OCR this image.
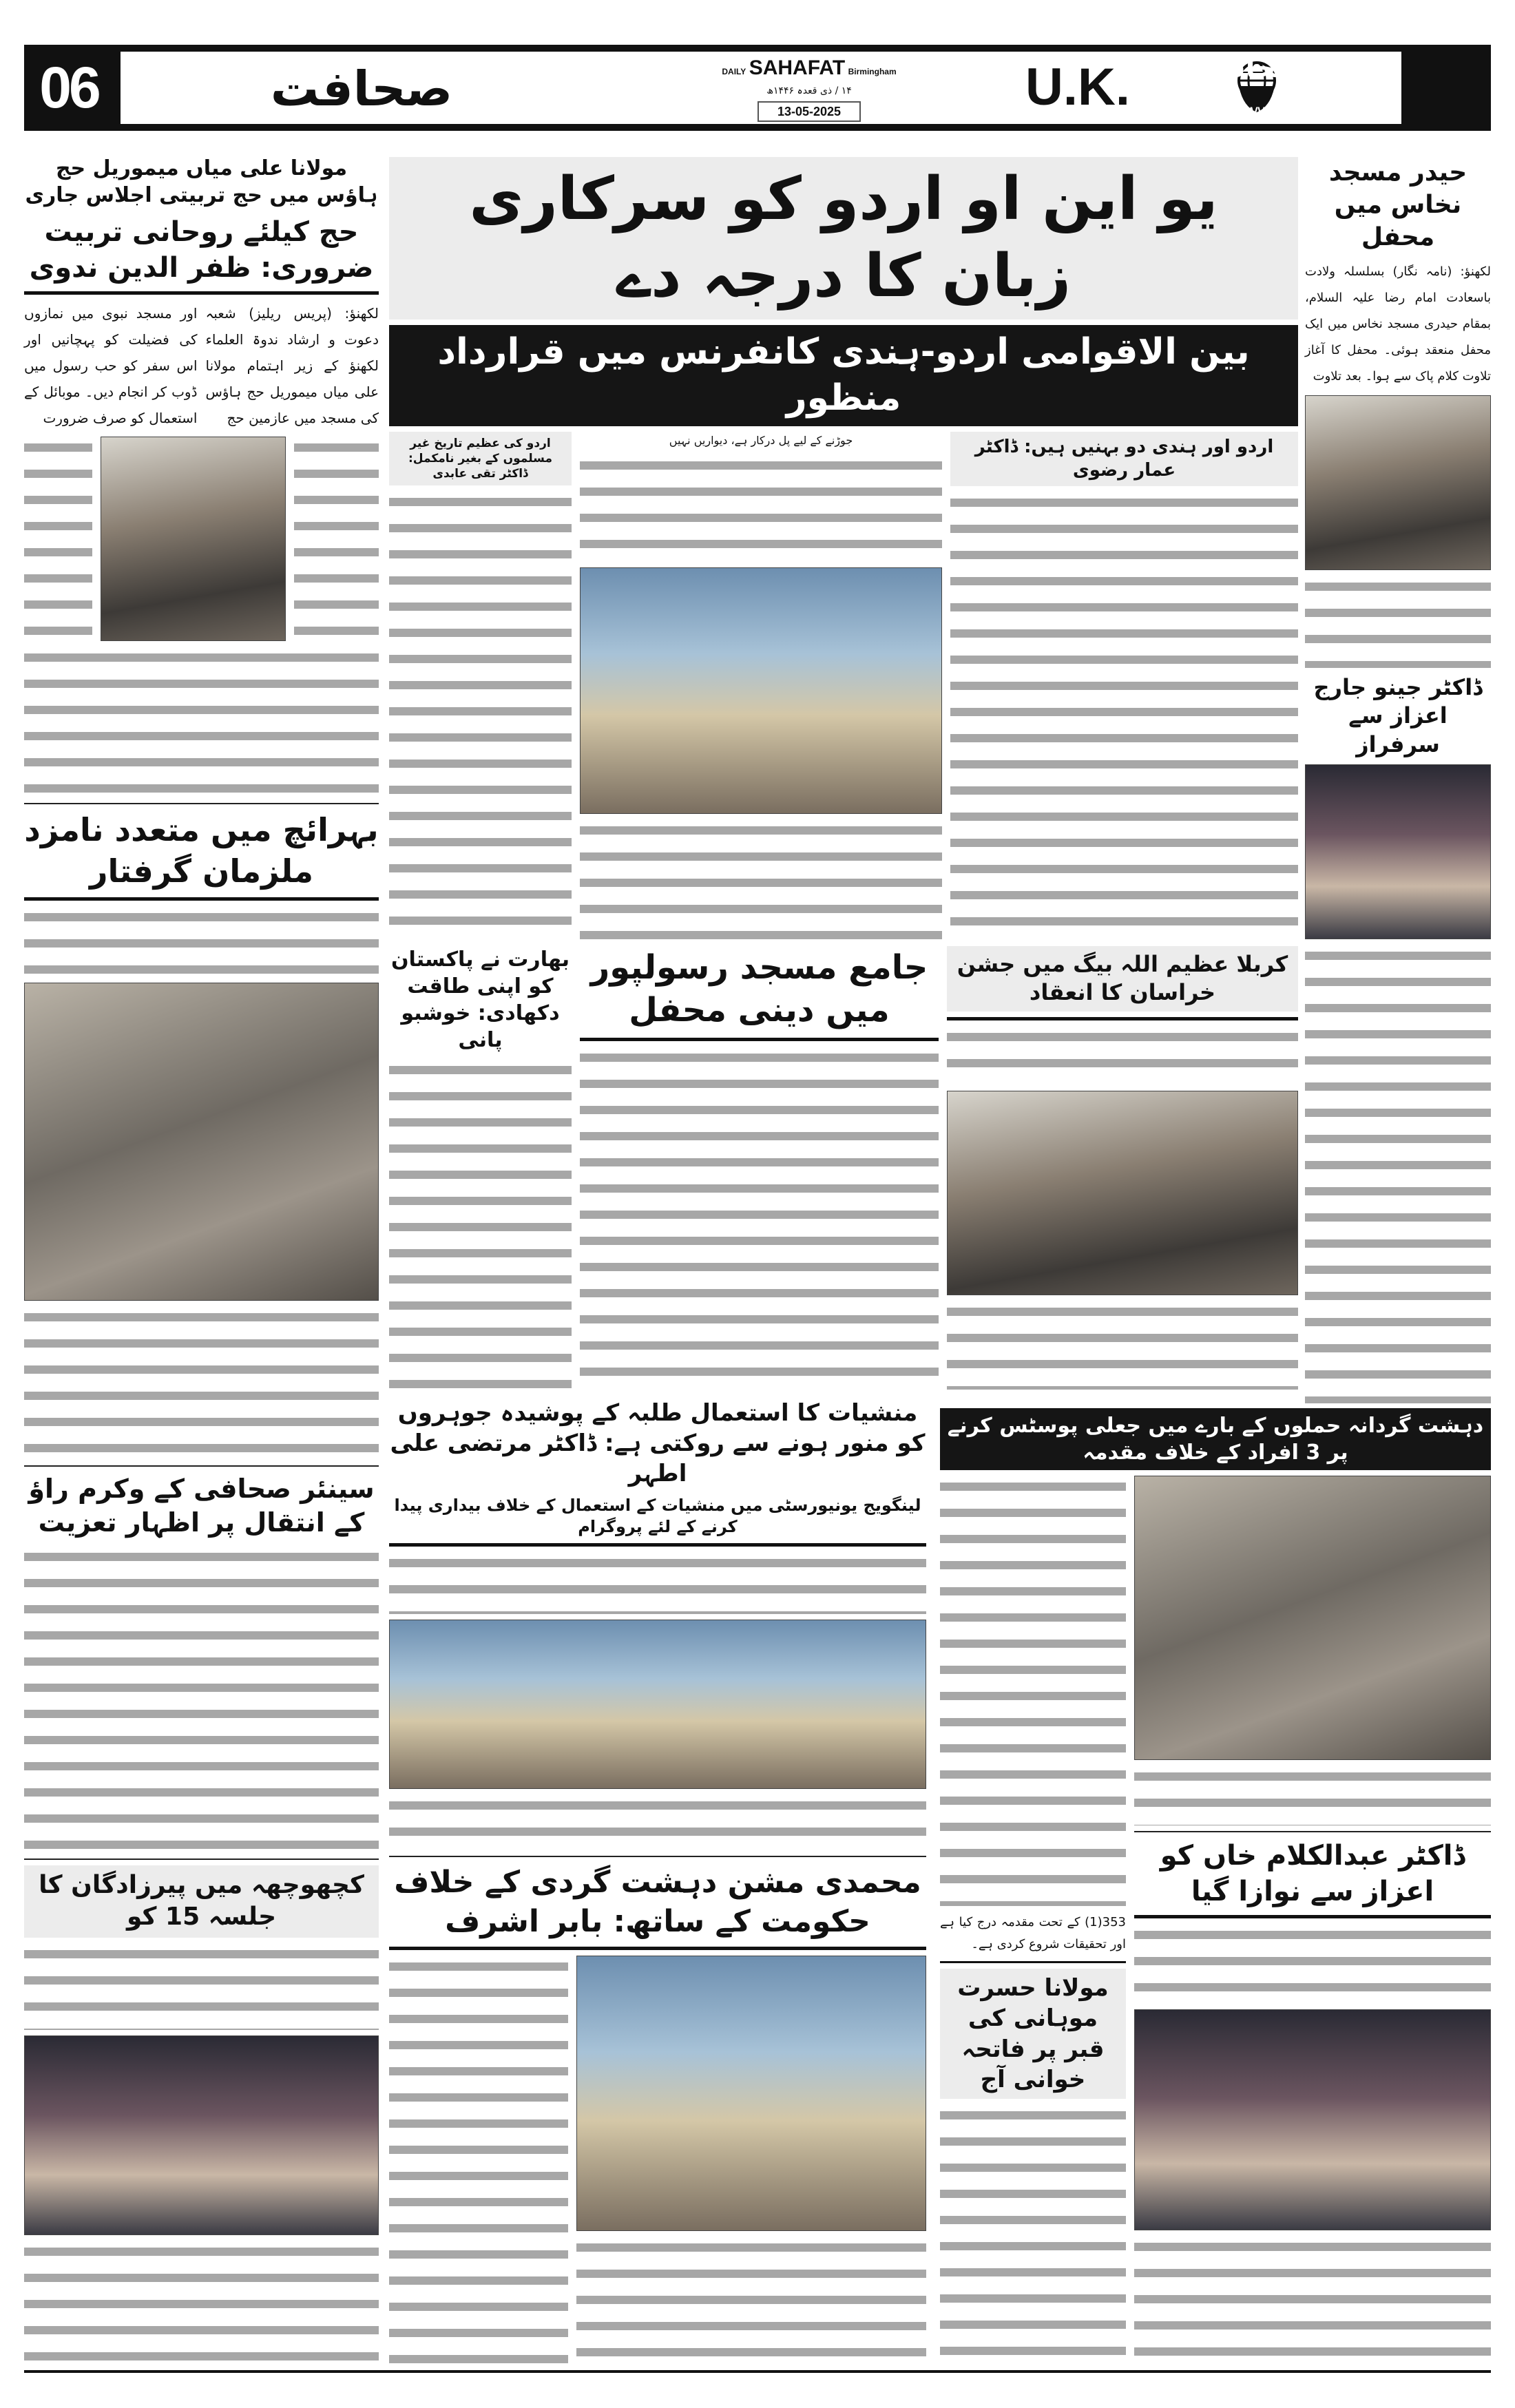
06	صحافت	DAILY SAHAFAT Birmingham
۱۴ / ذی قعدہ ۱۴۴۶ھ
13-05-2025	U.K.	عالمی صحافت
www.sahafat.in
مولانا علی میاں میموریل حج ہاؤس میں حج تربیتی اجلاس جاری
حج کیلئے روحانی تربیت ضروری: ظفر الدین ندوی
اور مسجد نبوی میں نمازوں کی فضیلت کو پہچانیں اور اس سفر کو حب رسول میں ڈوب کر انجام دیں۔ موبائل کے استعمال کو صرف ضرورت
لکھنؤ: (پریس ریلیز) شعبہ دعوت و ارشاد ندوۃ العلماء لکھنؤ کے زیر اہتمام مولانا علی میاں میموریل حج ہاؤس کی مسجد میں عازمین حج
بہرائچ میں متعدد نامزد ملزمان گرفتار
سینئر صحافی کے وکرم راؤ کے انتقال پر اظہار تعزیت
کچھوچھہ میں پیرزادگان کا جلسہ 15 کو
یو این او اردو کو سرکاری زبان کا درجہ دے
بین الاقوامی اردو-ہندی کانفرنس میں قرارداد منظور
اردو کی عظیم تاریخ غیر مسلموں کے بغیر نامکمل: ڈاکٹر تقی عابدی
جوڑنے کے لیے پل درکار ہے، دیواریں نہیں	اردو اور ہندی دو بہنیں ہیں: ڈاکٹر عمار رضوی
بھارت نے پاکستان کو اپنی طاقت دکھادی: خوشبو پانی
جامع مسجد رسولپور میں دینی محفل
کربلا عظیم اللہ بیگ میں جشن خراسان کا انعقاد
حیدر مسجد نخاس میں محفل
لکھنؤ: (نامہ نگار) بسلسلہ ولادت باسعادت امام رضا علیہ السلام، بمقام حیدری مسجد نخاس میں ایک محفل منعقد ہوئی۔ محفل کا آغاز تلاوت کلام پاک سے ہوا۔ بعد تلاوت
ڈاکٹر جینو جارج اعزاز سے سرفراز
منشیات کا استعمال طلبہ کے پوشیدہ جوہروں کو منور ہونے سے روکتی ہے: ڈاکٹر مرتضی علی اطہر
لینگویج یونیورسٹی میں منشیات کے استعمال کے خلاف بیداری پیدا کرنے کے لئے پروگرام
محمدی مشن دہشت گردی کے خلاف حکومت کے ساتھ: بابر اشرف
دہشت گردانہ حملوں کے بارے میں جعلی پوسٹس کرنے پر 3 افراد کے خلاف مقدمہ
353(1) کے تحت مقدمہ درج کیا ہے اور تحقیقات شروع کردی ہے۔
مولانا حسرت موہانی کی قبر پر فاتحہ خوانی آج
ڈاکٹر عبدالکلام خاں کو اعزاز سے نوازا گیا
